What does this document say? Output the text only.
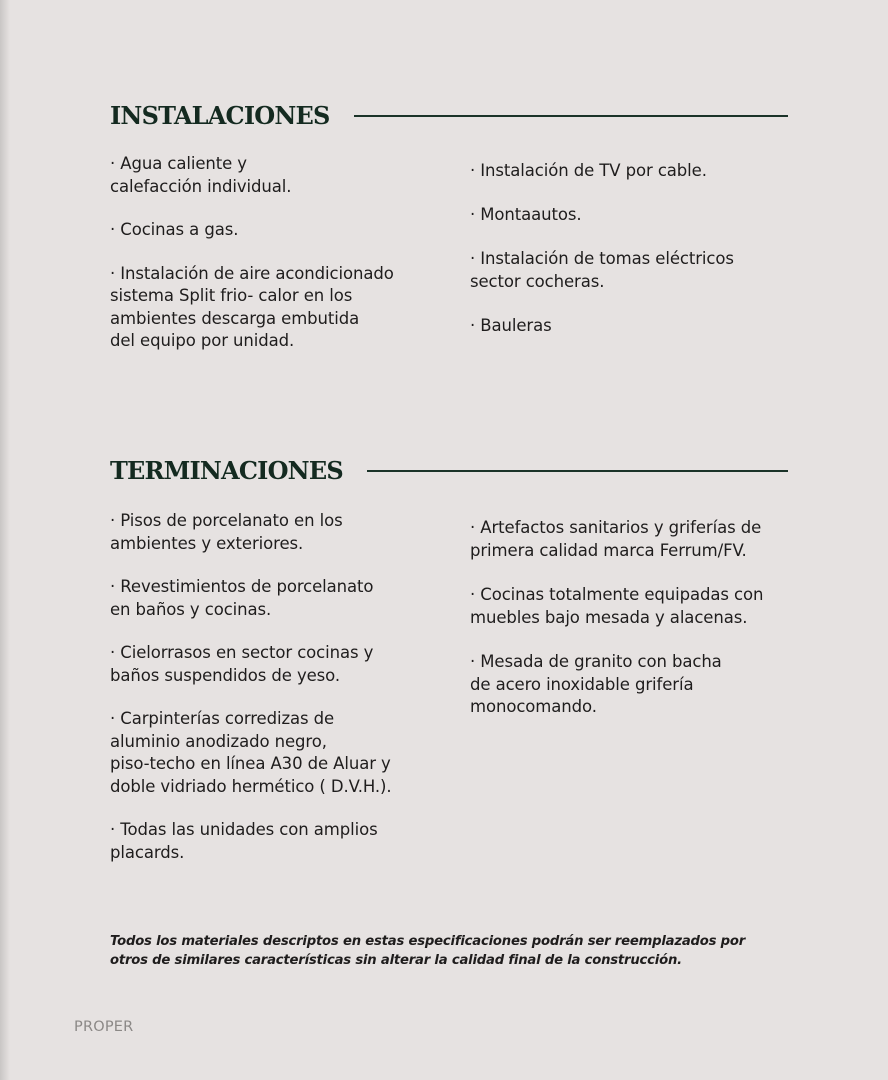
INSTALACIONES
· Agua caliente y
calefacción individual.
· Cocinas a gas.
· Instalación de aire acondicionado
sistema Split frio- calor en los
ambientes descarga embutida
del equipo por unidad.
· Instalación de TV por cable.
· Montaautos.
· Instalación de tomas eléctricos
sector cocheras.
· Bauleras
TERMINACIONES
· Pisos de porcelanato en los
ambientes y exteriores.
· Revestimientos de porcelanato
en baños y cocinas.
· Cielorrasos en sector cocinas y
baños suspendidos de yeso.
· Carpinterías corredizas de
aluminio anodizado negro,
piso-techo en línea A30 de Aluar y
doble vidriado hermético ( D.V.H.).
· Todas las unidades con amplios
placards.
· Artefactos sanitarios y griferías de
primera calidad marca Ferrum/FV.
· Cocinas totalmente equipadas con
muebles bajo mesada y alacenas.
· Mesada de granito con bacha
de acero inoxidable grifería
monocomando.
Todos los materiales descriptos en estas especificaciones podrán ser reemplazados por
otros de similares características sin alterar la calidad final de la construcción.
PROPER
